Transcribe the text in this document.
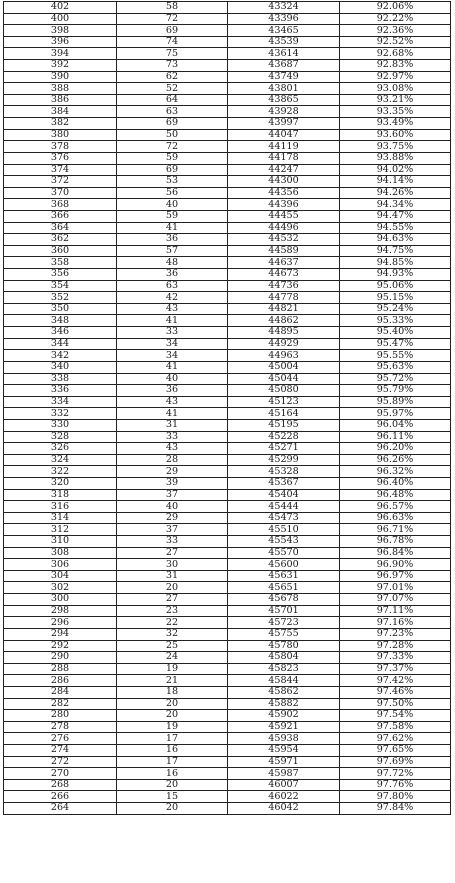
402	58	43324	92.06%
400	72	43396	92.22%
398	69	43465	92.36%
396	74	43539	92.52%
394	75	43614	92.68%
392	73	43687	92.83%
390	62	43749	92.97%
388	52	43801	93.08%
386	64	43865	93.21%
384	63	43928	93.35%
382	69	43997	93.49%
380	50	44047	93.60%
378	72	44119	93.75%
376	59	44178	93.88%
374	69	44247	94.02%
372	53	44300	94.14%
370	56	44356	94.26%
368	40	44396	94.34%
366	59	44455	94.47%
364	41	44496	94.55%
362	36	44532	94.63%
360	57	44589	94.75%
358	48	44637	94.85%
356	36	44673	94.93%
354	63	44736	95.06%
352	42	44778	95.15%
350	43	44821	95.24%
348	41	44862	95.33%
346	33	44895	95.40%
344	34	44929	95.47%
342	34	44963	95.55%
340	41	45004	95.63%
338	40	45044	95.72%
336	36	45080	95.79%
334	43	45123	95.89%
332	41	45164	95.97%
330	31	45195	96.04%
328	33	45228	96.11%
326	43	45271	96.20%
324	28	45299	96.26%
322	29	45328	96.32%
320	39	45367	96.40%
318	37	45404	96.48%
316	40	45444	96.57%
314	29	45473	96.63%
312	37	45510	96.71%
310	33	45543	96.78%
308	27	45570	96.84%
306	30	45600	96.90%
304	31	45631	96.97%
302	20	45651	97.01%
300	27	45678	97.07%
298	23	45701	97.11%
296	22	45723	97.16%
294	32	45755	97.23%
292	25	45780	97.28%
290	24	45804	97.33%
288	19	45823	97.37%
286	21	45844	97.42%
284	18	45862	97.46%
282	20	45882	97.50%
280	20	45902	97.54%
278	19	45921	97.58%
276	17	45938	97.62%
274	16	45954	97.65%
272	17	45971	97.69%
270	16	45987	97.72%
268	20	46007	97.76%
266	15	46022	97.80%
264	20	46042	97.84%
